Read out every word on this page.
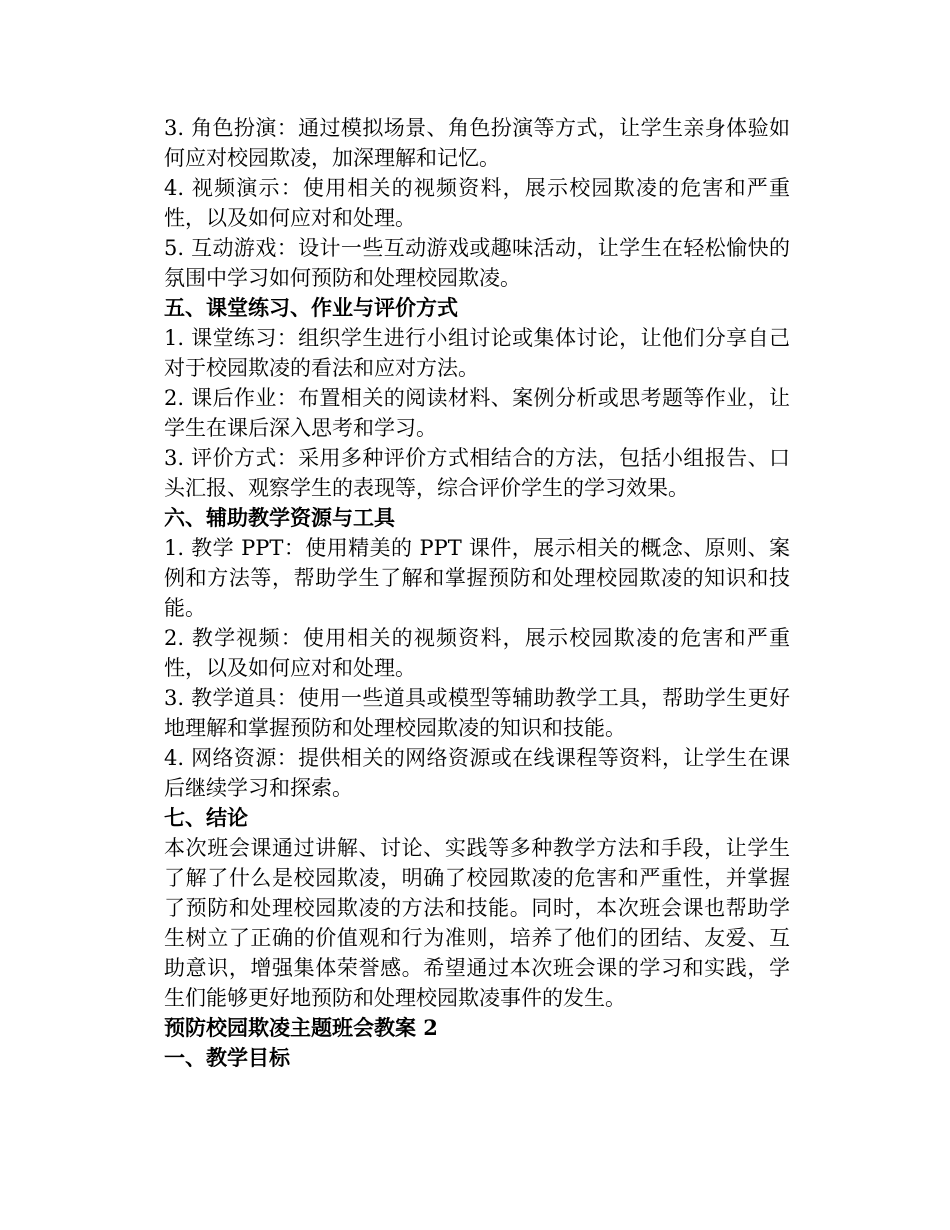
3. 角色扮演：通过模拟场景、角色扮演等方式，让学生亲身体验如何应对校园欺凌，加深理解和记忆。

4. 视频演示：使用相关的视频资料，展示校园欺凌的危害和严重性，以及如何应对和处理。

5. 互动游戏：设计一些互动游戏或趣味活动，让学生在轻松愉快的氛围中学习如何预防和处理校园欺凌。

五、课堂练习、作业与评价方式

1. 课堂练习：组织学生进行小组讨论或集体讨论，让他们分享自己对于校园欺凌的看法和应对方法。

2. 课后作业：布置相关的阅读材料、案例分析或思考题等作业，让学生在课后深入思考和学习。

3. 评价方式：采用多种评价方式相结合的方法，包括小组报告、口头汇报、观察学生的表现等，综合评价学生的学习效果。

六、辅助教学资源与工具

1. 教学 PPT：使用精美的 PPT 课件，展示相关的概念、原则、案例和方法等，帮助学生了解和掌握预防和处理校园欺凌的知识和技能。

2. 教学视频：使用相关的视频资料，展示校园欺凌的危害和严重性，以及如何应对和处理。

3. 教学道具：使用一些道具或模型等辅助教学工具，帮助学生更好地理解和掌握预防和处理校园欺凌的知识和技能。

4. 网络资源：提供相关的网络资源或在线课程等资料，让学生在课后继续学习和探索。

七、结论

本次班会课通过讲解、讨论、实践等多种教学方法和手段，让学生了解了什么是校园欺凌，明确了校园欺凌的危害和严重性，并掌握了预防和处理校园欺凌的方法和技能。同时，本次班会课也帮助学生树立了正确的价值观和行为准则，培养了他们的团结、友爱、互助意识，增强集体荣誉感。希望通过本次班会课的学习和实践，学生们能够更好地预防和处理校园欺凌事件的发生。

预防校园欺凌主题班会教案 2

一、教学目标
